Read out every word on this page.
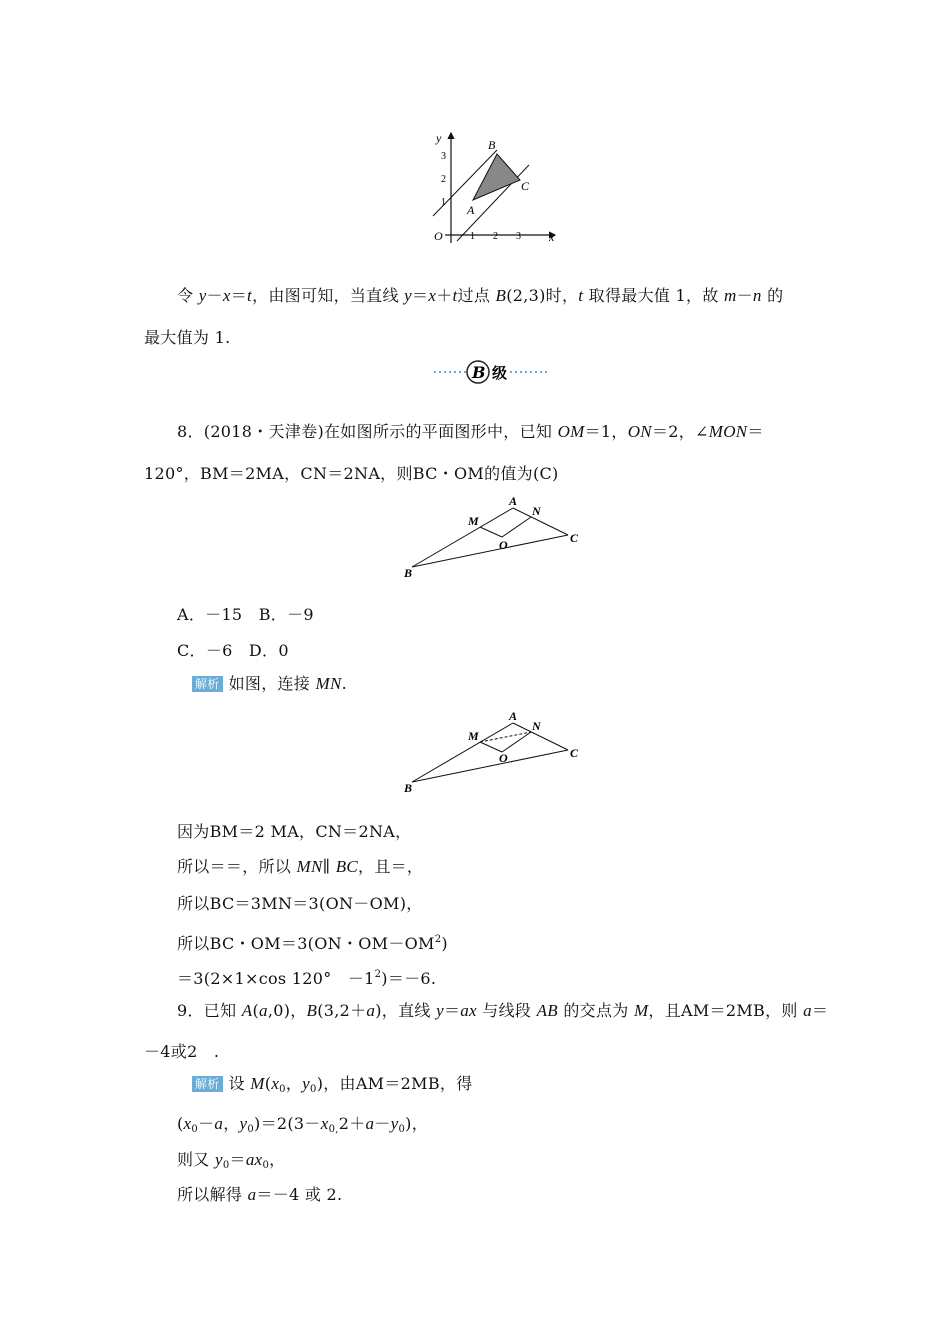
y
x
O
1
2
3
1 2 3
B
C
A
令 y－x＝t，由图可知，当直线 y＝x＋t过点 B(2,3)时，t 取得最大值 1，故 m－n 的
最大值为 1.
B 级
8．(2018・天津卷)在如图所示的平面图形中，已知 OM＝1，ON＝2，∠MON＝
120°，BM＝2MA，CN＝2NA，则BC・OM的值为(C)
A
M
N
O	C
B
A．－15　B．－9
C．－6　D．0
解析 如图，连接 MN.
A
M
N
O	C
B
因为BM＝2 MA，CN＝2NA，
所以＝＝，所以 MN∥ BC，且＝，
所以BC＝3MN＝3(ON－OM)，
所以BC・OM＝3(ON・$OM-OM^2$)
＝3(2×1×cos 120°　$-1^2)=-6$.
9．已知 A(a,0)，B(3,2＋a)，直线 y＝ax 与线段 AB 的交点为 M，且AM＝2MB，则 a＝
－4或2　.
解析 设 $M(x_0$，$y_0$)，由AM＝2MB，得
($x_0-a$，$y_0)=2(3-x_{0,}2+a-y_0)$，
则又 $y_0=ax_0$，
所以解得 a＝－4 或 2.
